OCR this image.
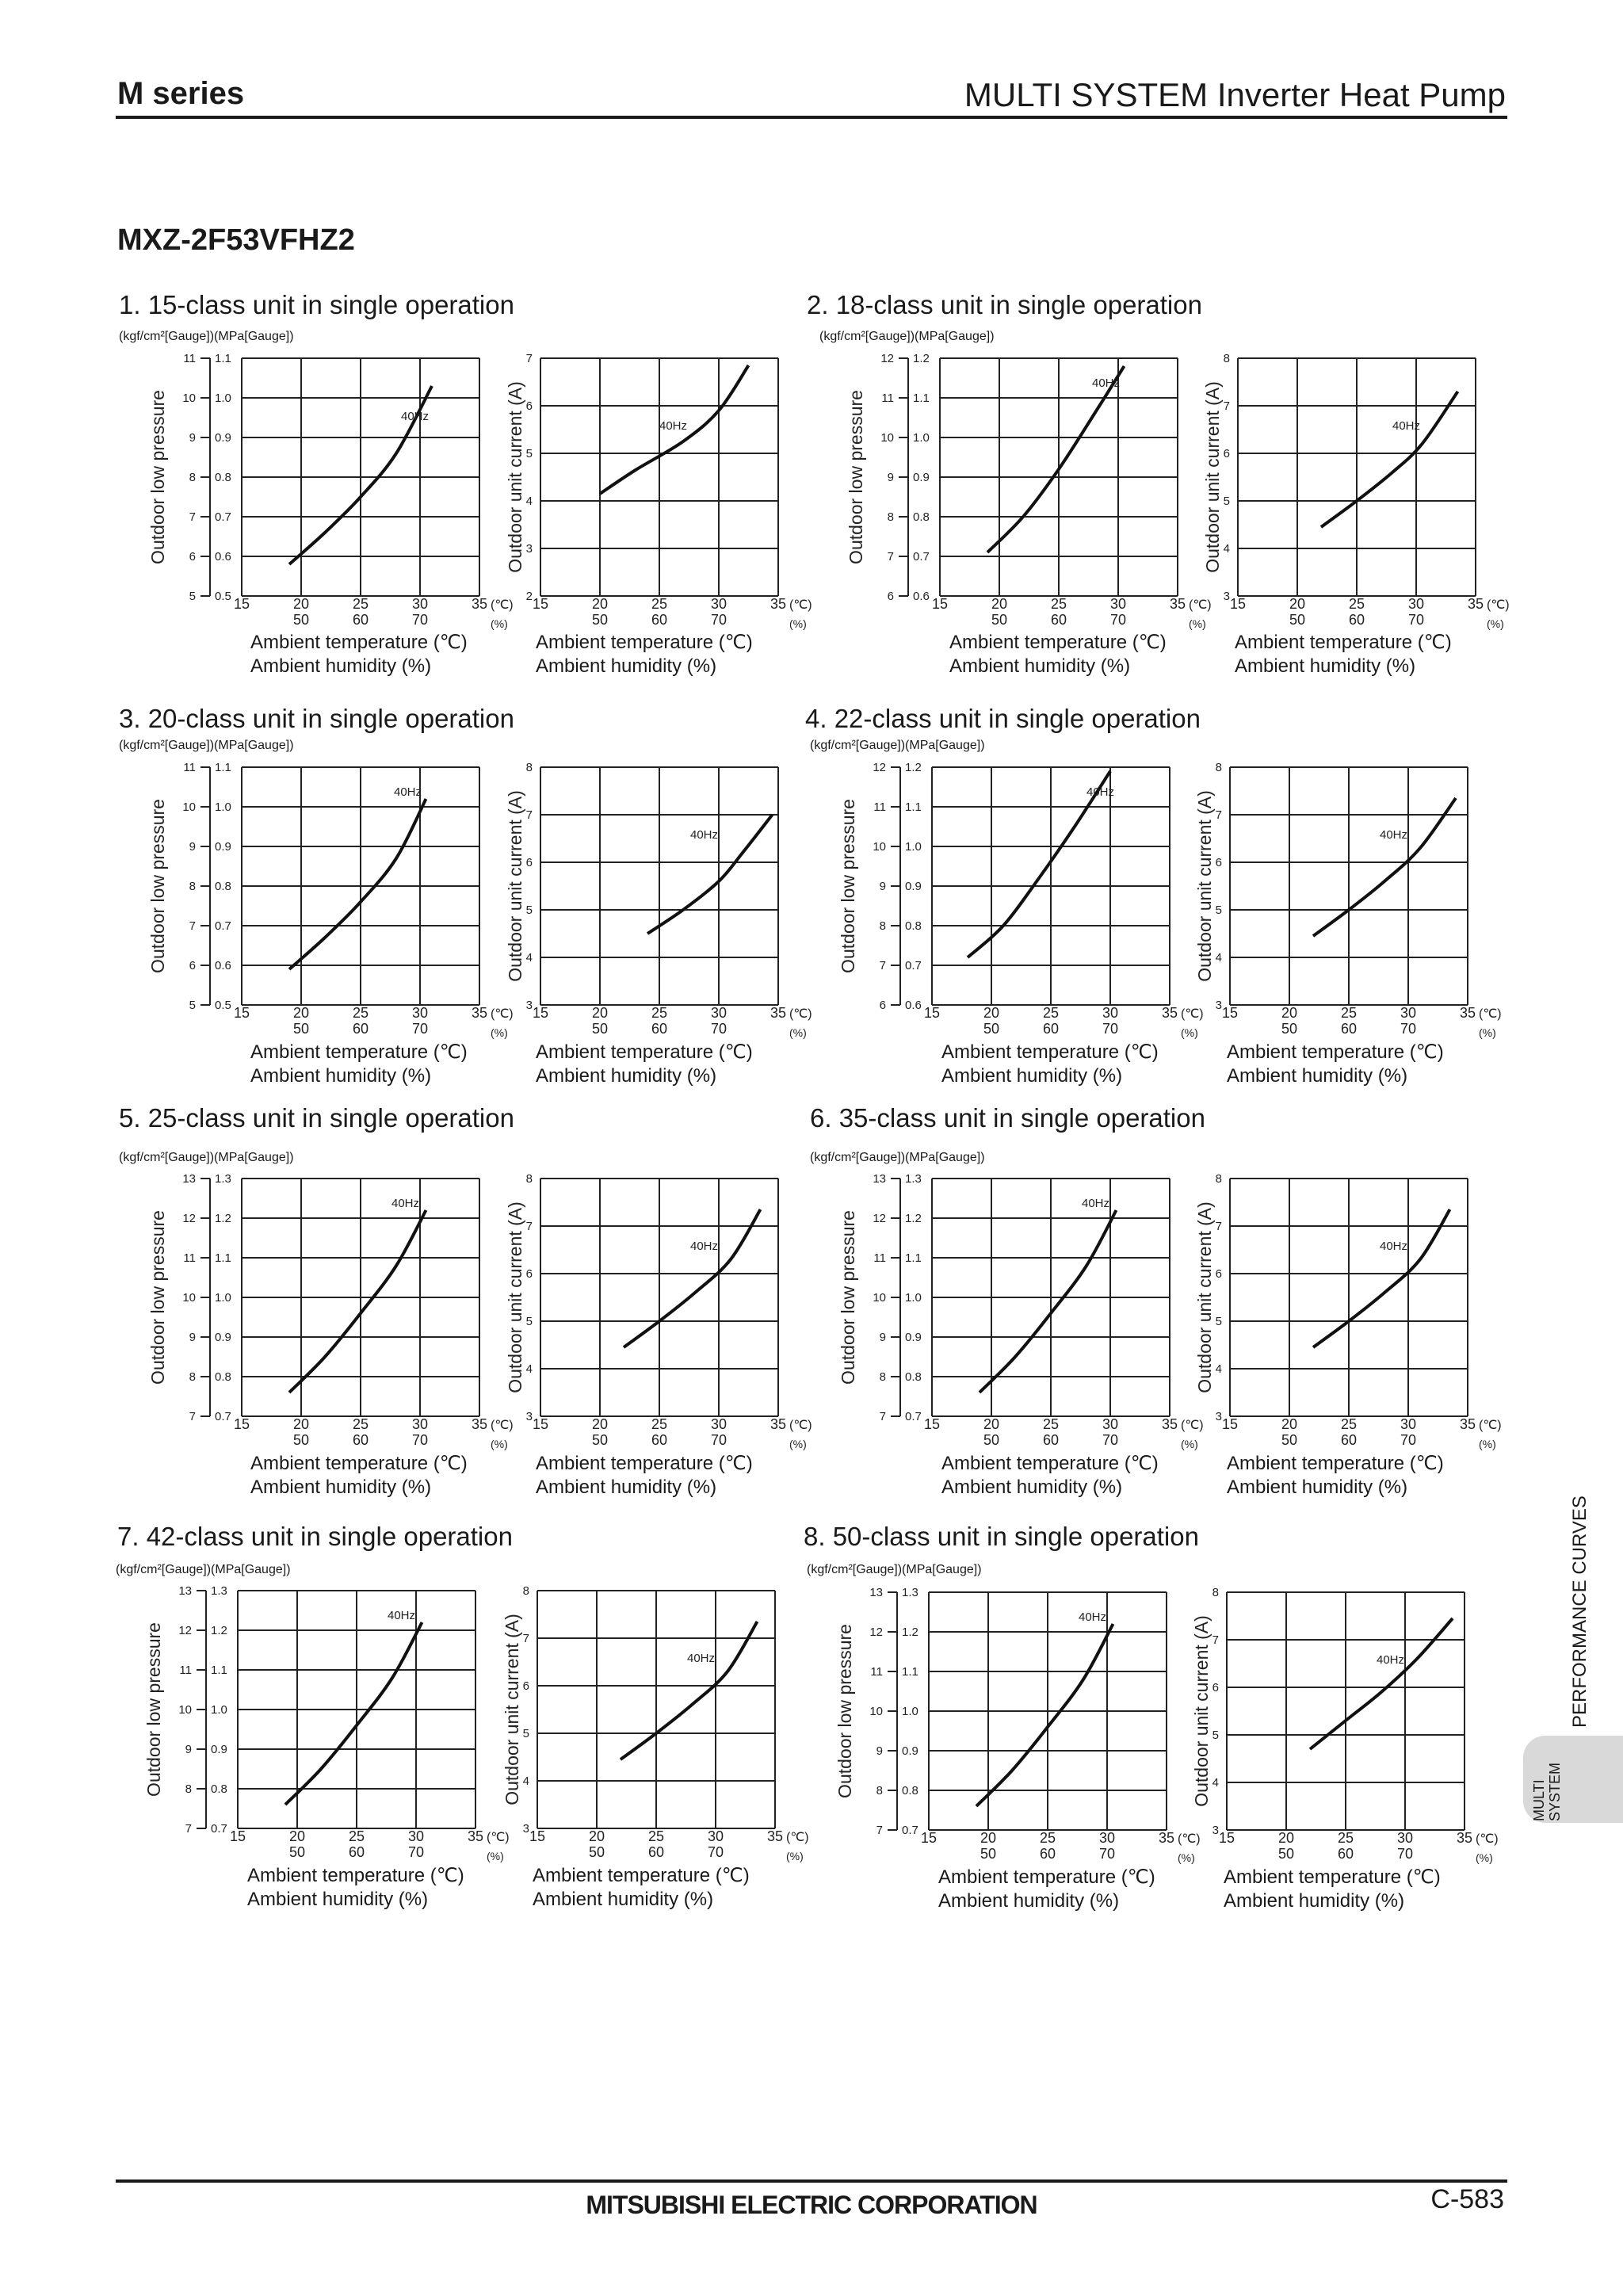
M series	MULTI SYSTEM Inverter Heat Pump
MXZ-2F53VFHZ2
1. 15-class unit in single operation	2. 18-class unit in single operation
3. 20-class unit in single operation	4. 22-class unit in single operation
5. 25-class unit in single operation	6. 35-class unit in single operation
7. 42-class unit in single operation	8. 50-class unit in single operation
(kgf/cm²[Gauge])(MPa[Gauge])	(kgf/cm²[Gauge])(MPa[Gauge])
(kgf/cm²[Gauge])(MPa[Gauge])	(kgf/cm²[Gauge])(MPa[Gauge])
(kgf/cm²[Gauge])(MPa[Gauge])	(kgf/cm²[Gauge])(MPa[Gauge])
(kgf/cm²[Gauge])(MPa[Gauge])	(kgf/cm²[Gauge])(MPa[Gauge])
Outdoor low pressure
5
6
7
8
9
10
11
0.5
0.6
0.7
0.8
0.9
1.0
1.1
15	20	25	30	35
50	60	70
(℃)
(%)
40Hz	Outdoor unit current (A)
2
3
4
5
6
7
15	20	25	30	35
50	60	70
(℃)
(%)
40Hz	Outdoor low pressure
6
7
8
9
10
11
12
0.6
0.7
0.8
0.9
1.0
1.1
1.2
15	20	25	30	35
50	60	70
(℃)
(%)
40Hz	Outdoor unit current (A)
3
4
5
6
7
8
15	20	25	30	35
50	60	70
(℃)
(%)
40Hz
Outdoor low pressure
5
6
7
8
9
10
11
0.5
0.6
0.7
0.8
0.9
1.0
1.1
15	20	25	30	35
50	60	70
(℃)
(%)
40Hz	Outdoor unit current (A)
3
4
5
6
7
8
15	20	25	30	35
50	60	70
(℃)
(%)
40Hz	Outdoor low pressure
6
7
8
9
10
11
12
0.6
0.7
0.8
0.9
1.0
1.1
1.2
15	20	25	30	35
50	60	70
(℃)
(%)
40Hz	Outdoor unit current (A)
3
4
5
6
7
8
15	20	25	30	35
50	60	70
(℃)
(%)
40Hz
Outdoor low pressure
7
8
9
10
11
12
13
0.7
0.8
0.9
1.0
1.1
1.2
1.3
15	20	25	30	35
50	60	70
(℃)
(%)
40Hz	Outdoor unit current (A)
3
4
5
6
7
8
15	20	25	30	35
50	60	70
(℃)
(%)
40Hz	Outdoor low pressure
7
8
9
10
11
12
13
0.7
0.8
0.9
1.0
1.1
1.2
1.3
15	20	25	30	35
50	60	70
(℃)
(%)
40Hz	Outdoor unit current (A)
3
4
5
6
7
8
15	20	25	30	35
50	60	70
(℃)
(%)
40Hz
Outdoor low pressure
7
8
9
10
11
12
13
0.7
0.8
0.9
1.0
1.1
1.2
1.3
15	20	25	30	35
50	60	70
(℃)
(%)
40Hz	Outdoor unit current (A)
3
4
5
6
7
8
15	20	25	30	35
50	60	70
(℃)
(%)
40Hz	Outdoor low pressure
7
8
9
10
11
12
13
0.7
0.8
0.9
1.0
1.1
1.2
1.3
15	20	25	30	35
50	60	70
(℃)
(%)
40Hz	Outdoor unit current (A)
3
4
5
6
7
8
15	20	25	30	35
50	60	70
(℃)
(%)
40Hz
Ambient temperature (℃)
Ambient humidity (%)
Ambient temperature (℃)
Ambient humidity (%)
Ambient temperature (℃)
Ambient humidity (%)
Ambient temperature (℃)
Ambient humidity (%)
Ambient temperature (℃)
Ambient humidity (%)
Ambient temperature (℃)
Ambient humidity (%)
Ambient temperature (℃)
Ambient humidity (%)
Ambient temperature (℃)
Ambient humidity (%)
Ambient temperature (℃)
Ambient humidity (%)
Ambient temperature (℃)
Ambient humidity (%)
Ambient temperature (℃)
Ambient humidity (%)
Ambient temperature (℃)
Ambient humidity (%)
Ambient temperature (℃)
Ambient humidity (%)
Ambient temperature (℃)
Ambient humidity (%)
Ambient temperature (℃)
Ambient humidity (%)
Ambient temperature (℃)
Ambient humidity (%)
PERFORMANCE CURVES
MULTI SYSTEM
MITSUBISHI ELECTRIC CORPORATION	C-583
